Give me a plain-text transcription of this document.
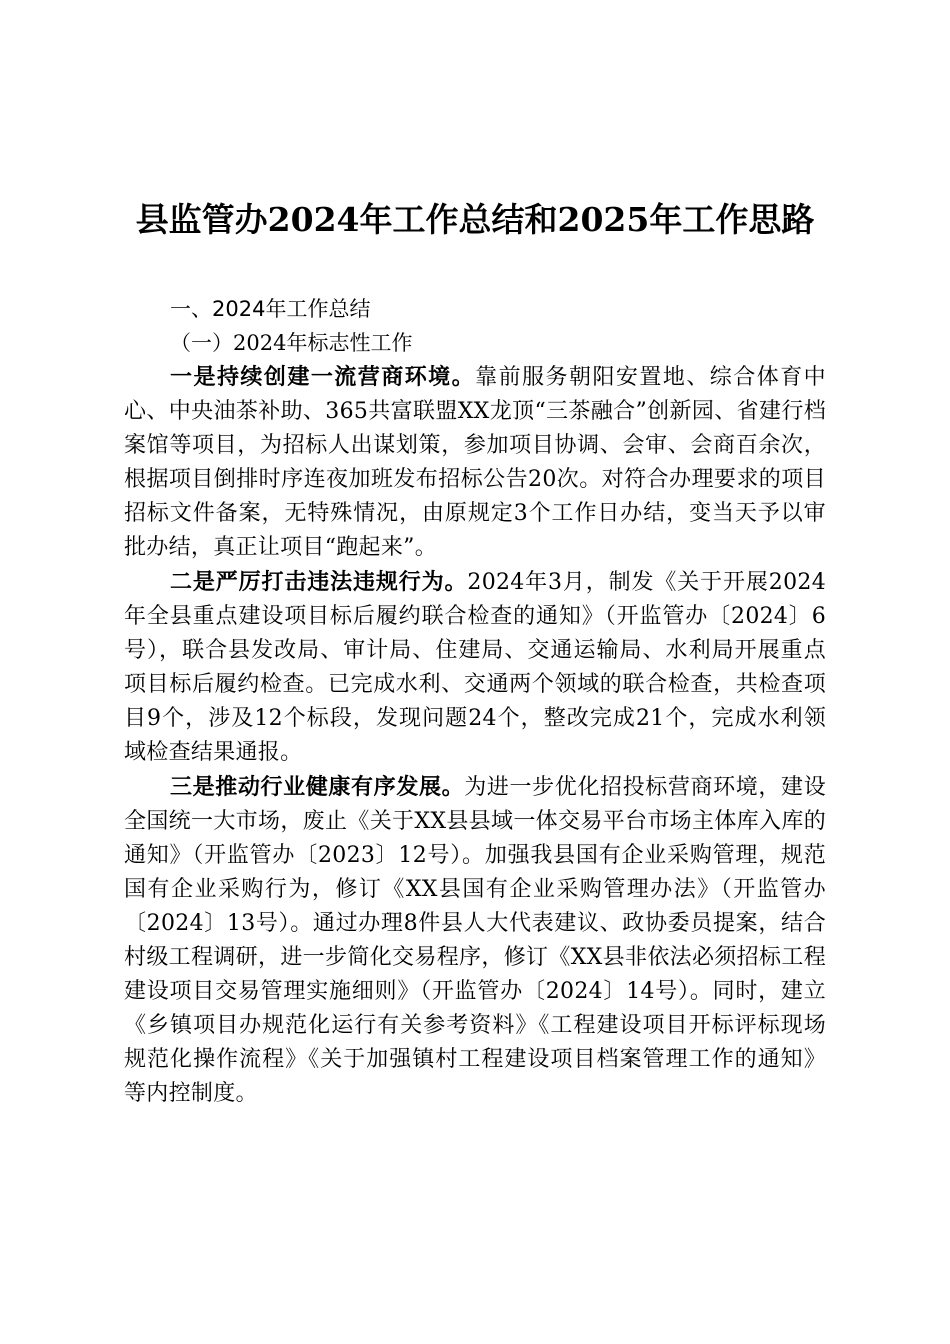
县监管办2024年工作总结和2025年工作思路

一、2024年工作总结

（一）2024年标志性工作

一是持续创建一流营商环境。靠前服务朝阳安置地、综合体育中心、中央油茶补助、365共富联盟XX龙顶“三茶融合”创新园、省建行档案馆等项目，为招标人出谋划策，参加项目协调、会审、会商百余次，根据项目倒排时序连夜加班发布招标公告20次。对符合办理要求的项目招标文件备案，无特殊情况，由原规定3个工作日办结，变当天予以审批办结，真正让项目“跑起来”。

二是严厉打击违法违规行为。2024年3月，制发《关于开展2024年全县重点建设项目标后履约联合检查的通知》（开监管办〔2024〕6号），联合县发改局、审计局、住建局、交通运输局、水利局开展重点项目标后履约检查。已完成水利、交通两个领域的联合检查，共检查项目9个，涉及12个标段，发现问题24个，整改完成21个，完成水利领域检查结果通报。

三是推动行业健康有序发展。为进一步优化招投标营商环境，建设全国统一大市场，废止《关于XX县县域一体交易平台市场主体库入库的通知》（开监管办〔2023〕12号）。加强我县国有企业采购管理，规范国有企业采购行为，修订《XX县国有企业采购管理办法》（开监管办〔2024〕13号）。通过办理8件县人大代表建议、政协委员提案，结合村级工程调研，进一步简化交易程序，修订《XX县非依法必须招标工程建设项目交易管理实施细则》（开监管办〔2024〕14号）。同时，建立《乡镇项目办规范化运行有关参考资料》《工程建设项目开标评标现场规范化操作流程》《关于加强镇村工程建设项目档案管理工作的通知》等内控制度。
